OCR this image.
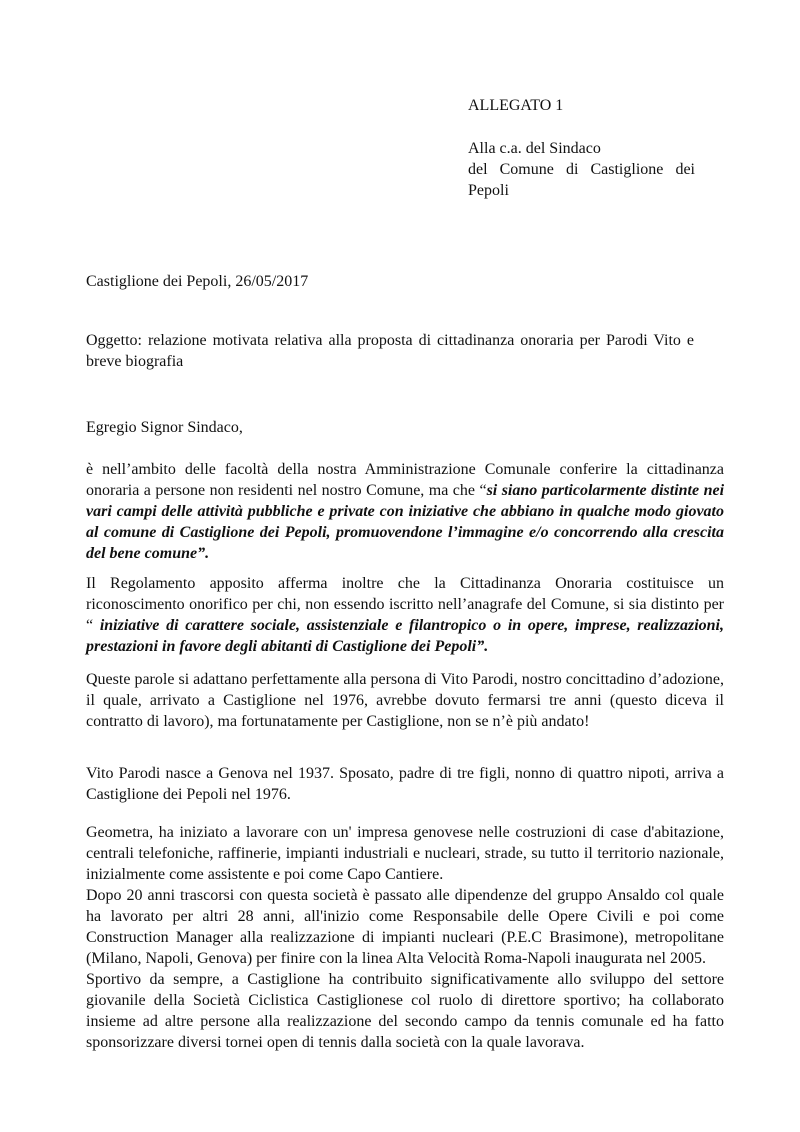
ALLEGATO 1
Alla c.a. del Sindaco
del Comune di Castiglione dei
Pepoli
Castiglione dei Pepoli, 26/05/2017

Oggetto: relazione motivata relativa alla proposta di cittadinanza onoraria per Parodi Vito e breve biografia

Egregio Signor Sindaco,

è nell’ambito delle facoltà della nostra Amministrazione Comunale conferire la cittadinanza onoraria a persone non residenti nel nostro Comune, ma che “si siano particolarmente distinte nei vari campi delle attività pubbliche e private con iniziative che abbiano in qualche modo giovato al comune di Castiglione dei Pepoli, promuovendone l’immagine e/o concorrendo alla crescita del bene comune”.

Il Regolamento apposito afferma inoltre che la Cittadinanza Onoraria costituisce un riconoscimento onorifico per chi, non essendo iscritto nell’anagrafe del Comune, si sia distinto per “ iniziative di carattere sociale, assistenziale e filantropico o in opere, imprese, realizzazioni, prestazioni in favore degli abitanti di Castiglione dei Pepoli”.

Queste parole si adattano perfettamente alla persona di Vito Parodi, nostro concittadino d’adozione, il quale, arrivato a Castiglione nel 1976, avrebbe dovuto fermarsi tre anni (questo diceva il contratto di lavoro), ma fortunatamente per Castiglione, non se n’è più andato!

Vito Parodi nasce a Genova nel 1937. Sposato, padre di tre figli, nonno di quattro nipoti, arriva a Castiglione dei Pepoli nel 1976.

Geometra, ha iniziato a lavorare con un' impresa genovese nelle costruzioni di case d'abitazione, centrali telefoniche, raffinerie, impianti industriali e nucleari, strade, su tutto il territorio nazionale, inizialmente come assistente e poi come Capo Cantiere.

Dopo 20 anni trascorsi con questa società è passato alle dipendenze del gruppo Ansaldo col quale ha lavorato per altri 28 anni, all'inizio come Responsabile delle Opere Civili e poi come Construction Manager alla realizzazione di impianti nucleari (P.E.C Brasimone), metropolitane (Milano, Napoli, Genova) per finire con la linea Alta Velocità Roma-Napoli inaugurata nel 2005.

Sportivo da sempre, a Castiglione ha contribuito significativamente allo sviluppo del settore giovanile della Società Ciclistica Castiglionese col ruolo di direttore sportivo; ha collaborato insieme ad altre persone alla realizzazione del secondo campo da tennis comunale ed ha fatto sponsorizzare diversi tornei open di tennis dalla società con la quale lavorava.
